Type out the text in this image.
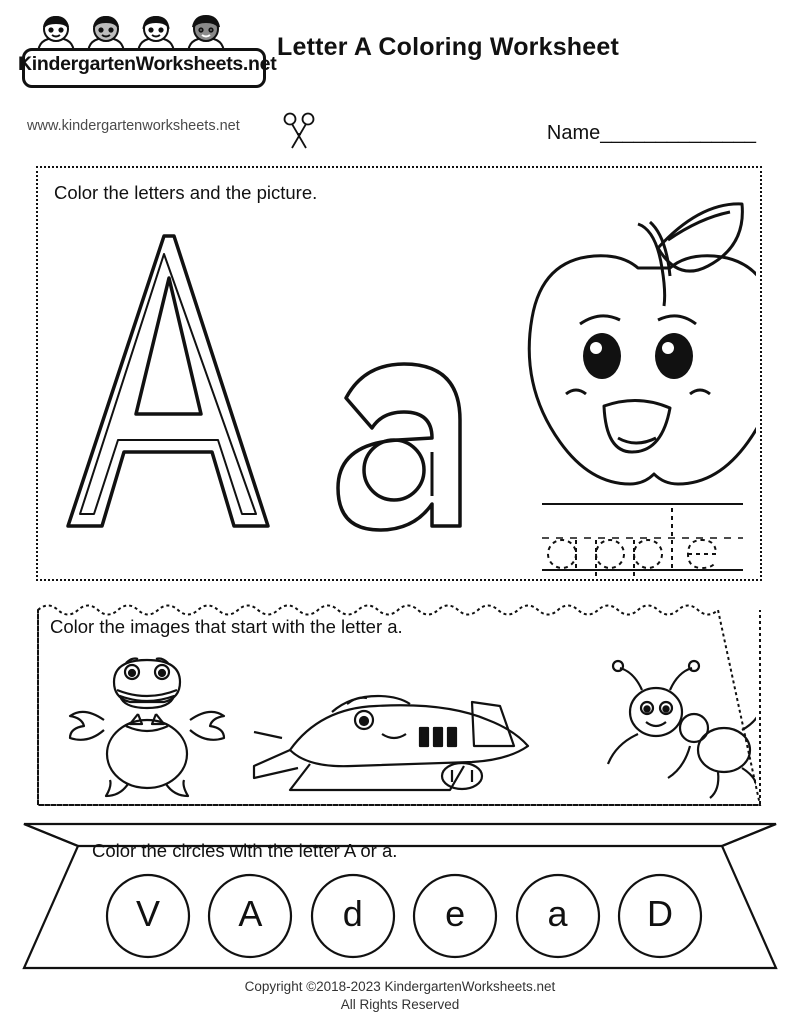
KindergartenWorksheets.net
www.kindergartenworksheets.net
Letter A Coloring Worksheet
Name______________
Color the letters and the picture.
Color the images that start with the letter a.
Color the circles with the letter A or a.
V	A	d	e	a	D
Copyright ©2018-2023 KindergartenWorksheets.net
All Rights Reserved
